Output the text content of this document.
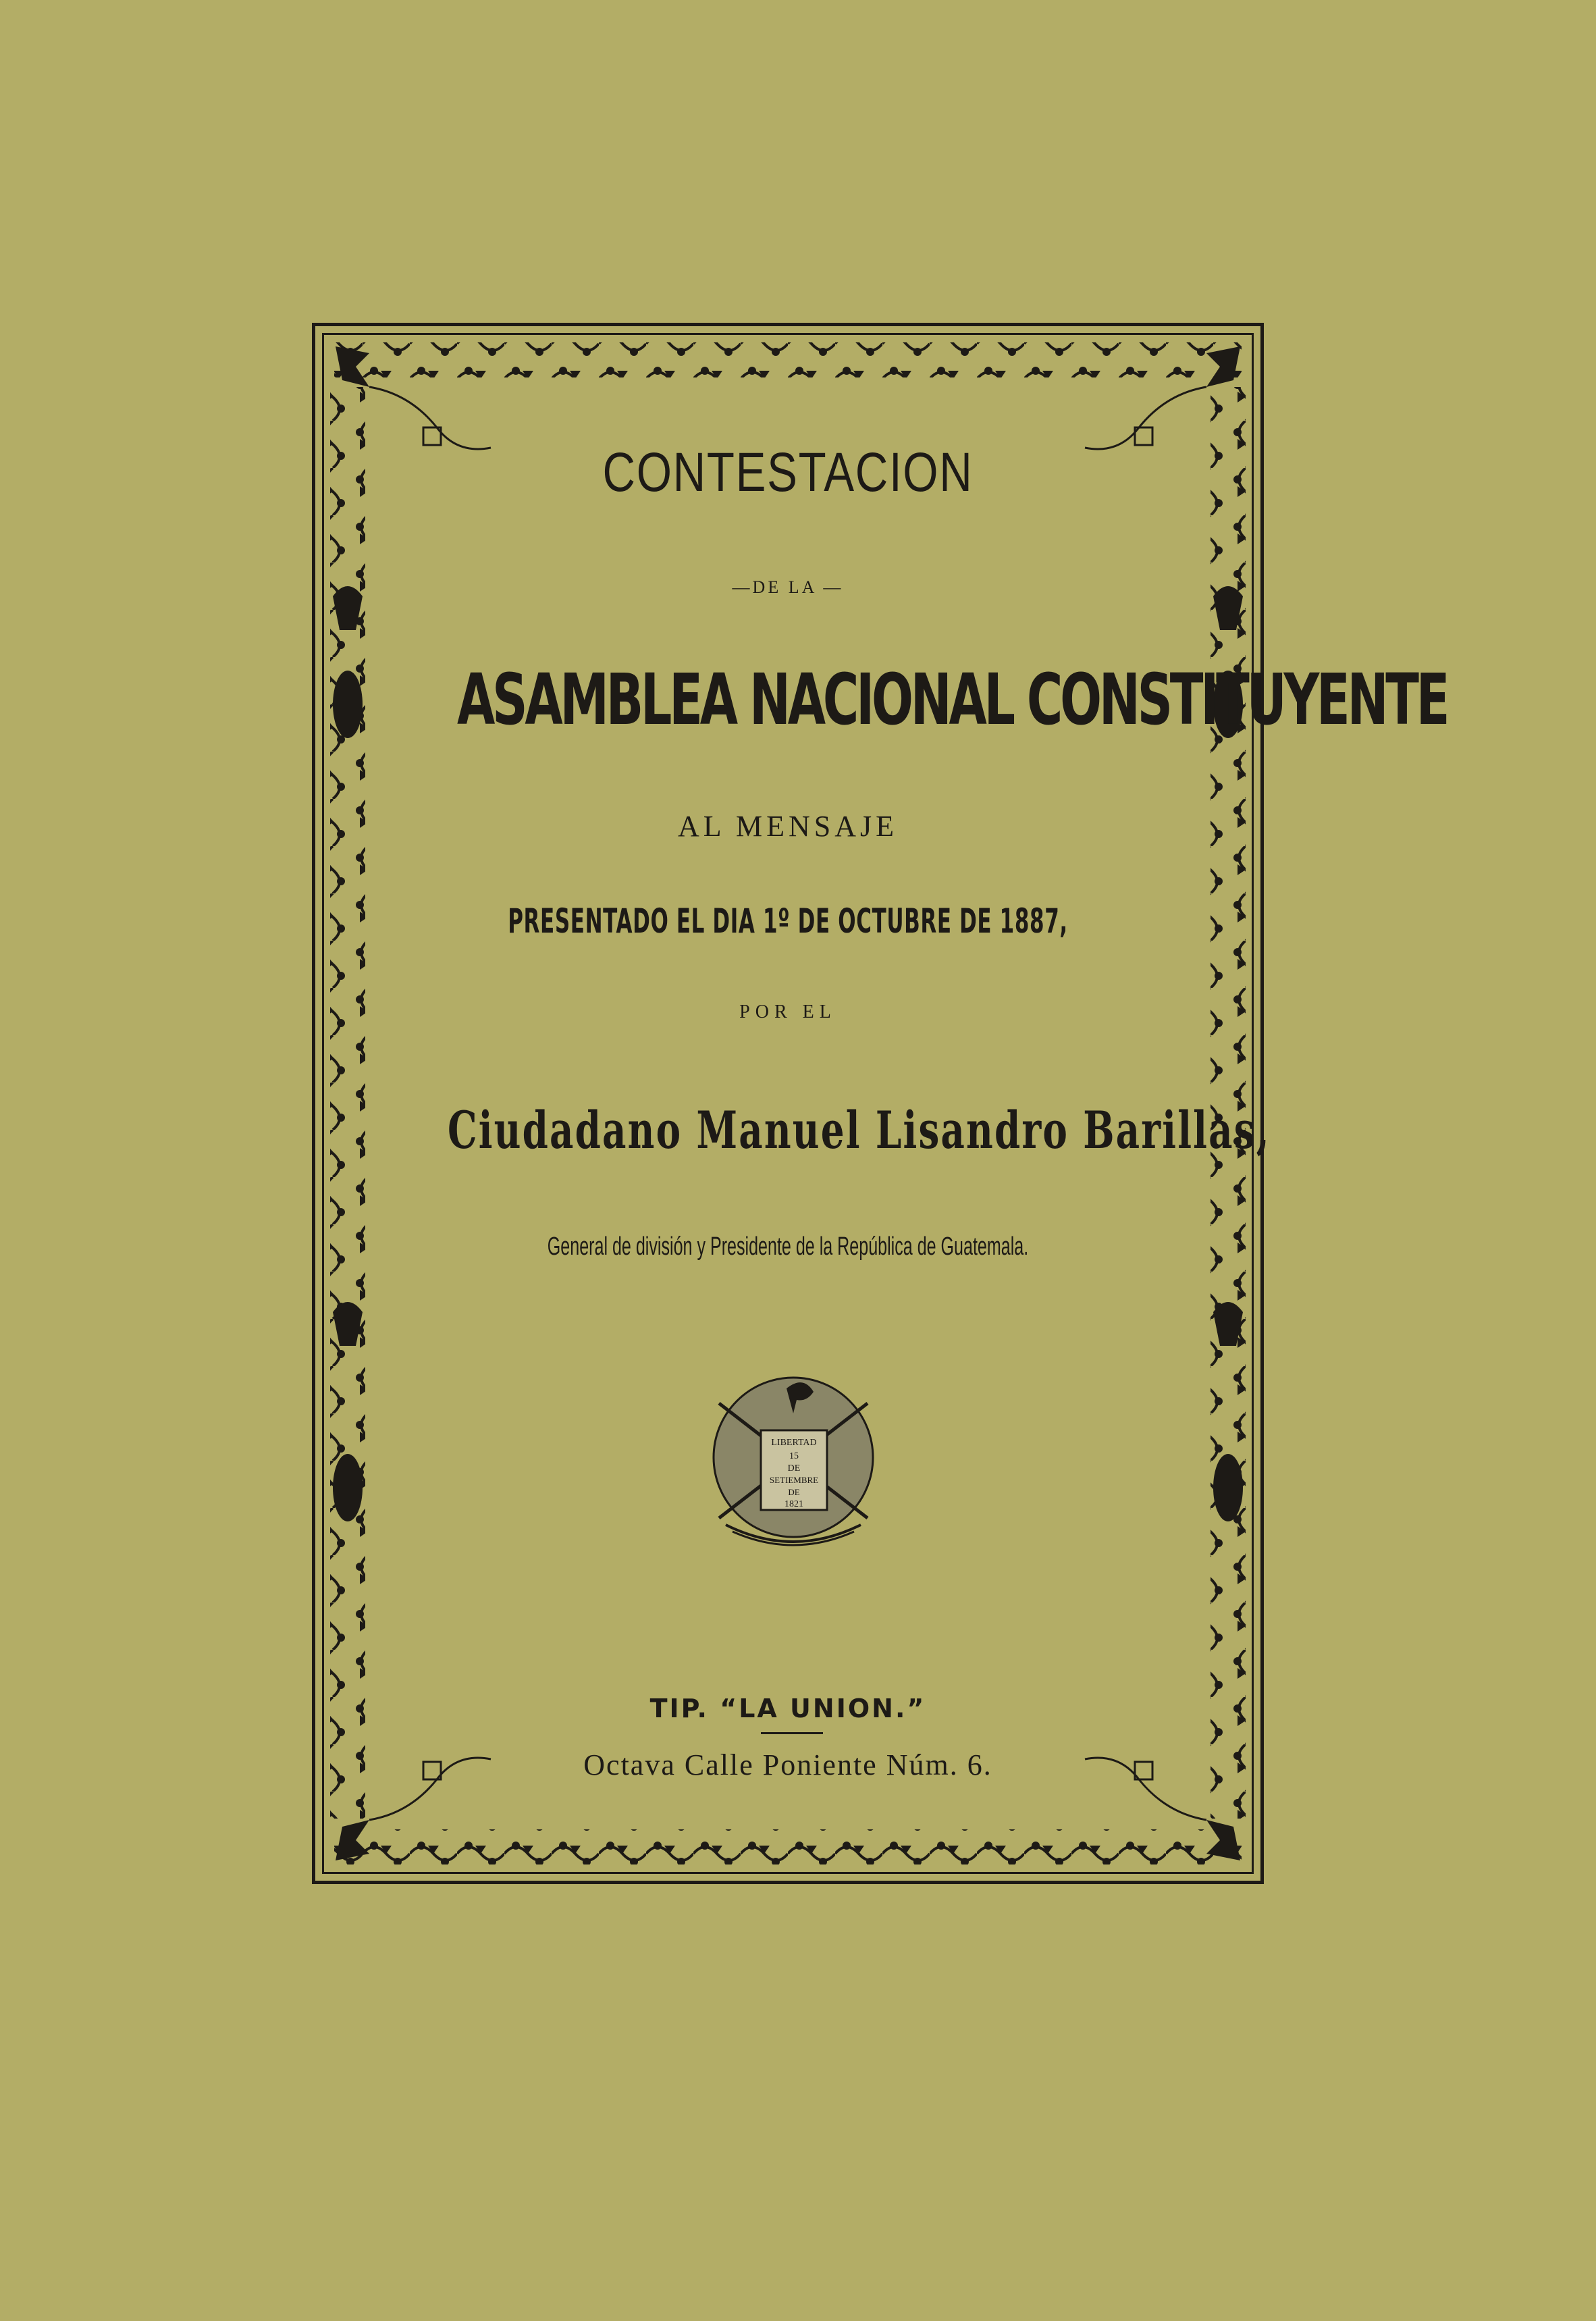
CONTESTACION
—DE LA —
ASAMBLEA NACIONAL CONSTITUYENTE
AL MENSAJE
PRESENTADO EL DIA 1º DE OCTUBRE DE 1887,
POR EL
Ciudadano Manuel Lisandro Barillas,
General de división y Presidente de la República de Guatemala.
LIBERTAD
15
DE
SETIEMBRE
DE
1821
TIP. “LA UNION.”
Octava Calle Poniente Núm. 6.
